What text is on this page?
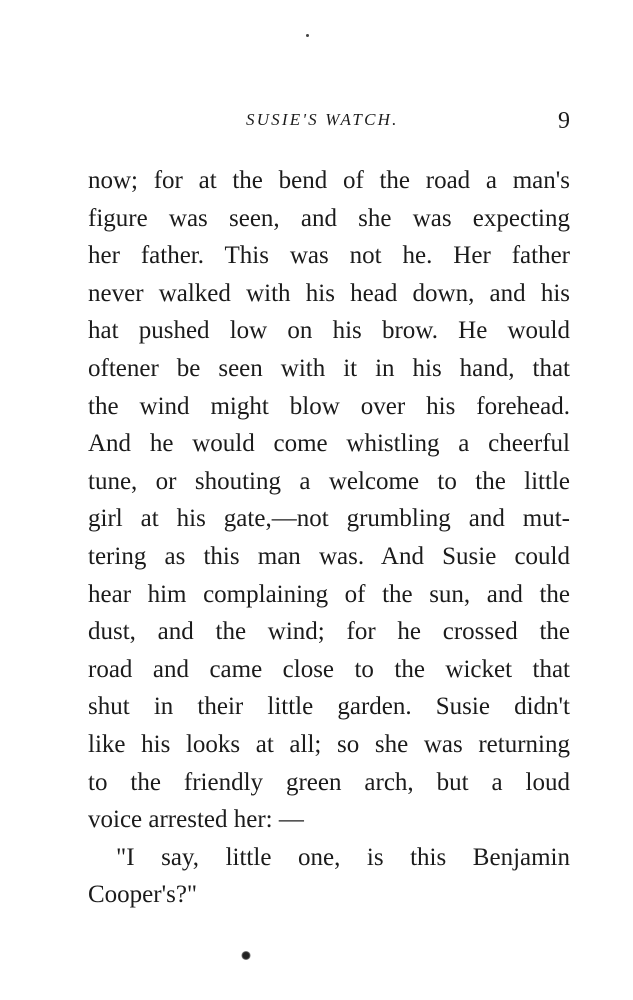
SUSIE'S WATCH.	9
now; for at the bend of the road a man's
figure was seen, and she was expecting
her father. This was not he. Her father
never walked with his head down, and his
hat pushed low on his brow. He would
oftener be seen with it in his hand, that
the wind might blow over his forehead.
And he would come whistling a cheerful
tune, or shouting a welcome to the little
girl at his gate,—not grumbling and mut-
tering as this man was. And Susie could
hear him complaining of the sun, and the
dust, and the wind; for he crossed the
road and came close to the wicket that
shut in their little garden. Susie didn't
like his looks at all; so she was returning
to the friendly green arch, but a loud
voice arrested her: —
"I say, little one, is this Benjamin
Cooper's?"
